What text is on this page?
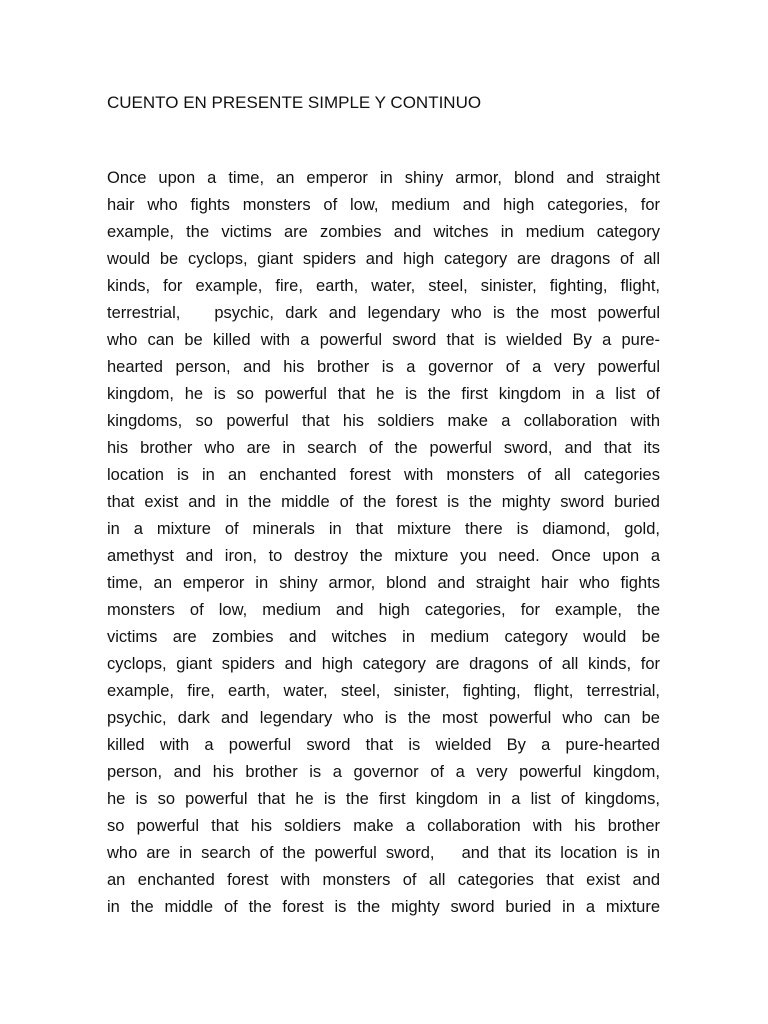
CUENTO EN PRESENTE SIMPLE Y CONTINUO
Once upon a time, an emperor in shiny armor, blond and straight
hair who fights monsters of low, medium and high categories, for
example, the victims are zombies and witches in medium category
would be cyclops, giant spiders and high category are dragons of all
kinds, for example, fire, earth, water, steel, sinister, fighting, flight,
terrestrial,   psychic, dark and legendary who is the most powerful
who can be killed with a powerful sword that is wielded By a pure-
hearted person, and his brother is a governor of a very powerful
kingdom, he is so powerful that he is the first kingdom in a list of
kingdoms, so powerful that his soldiers make a collaboration with
his brother who are in search of the powerful sword, and that its
location is in an enchanted forest with monsters of all categories
that exist and in the middle of the forest is the mighty sword buried
in a mixture of minerals in that mixture there is diamond, gold,
amethyst and iron, to destroy the mixture you need. Once upon a
time, an emperor in shiny armor, blond and straight hair who fights
monsters of low, medium and high categories, for example, the
victims are zombies and witches in medium category would be
cyclops, giant spiders and high category are dragons of all kinds, for
example, fire, earth, water, steel, sinister, fighting, flight, terrestrial,
psychic, dark and legendary who is the most powerful who can be
killed with a powerful sword that is wielded By a pure-hearted
person, and his brother is a governor of a very powerful kingdom,
he is so powerful that he is the first kingdom in a list of kingdoms,
so powerful that his soldiers make a collaboration with his brother
who are in search of the powerful sword,   and that its location is in
an enchanted forest with monsters of all categories that exist and
in the middle of the forest is the mighty sword buried in a mixture
